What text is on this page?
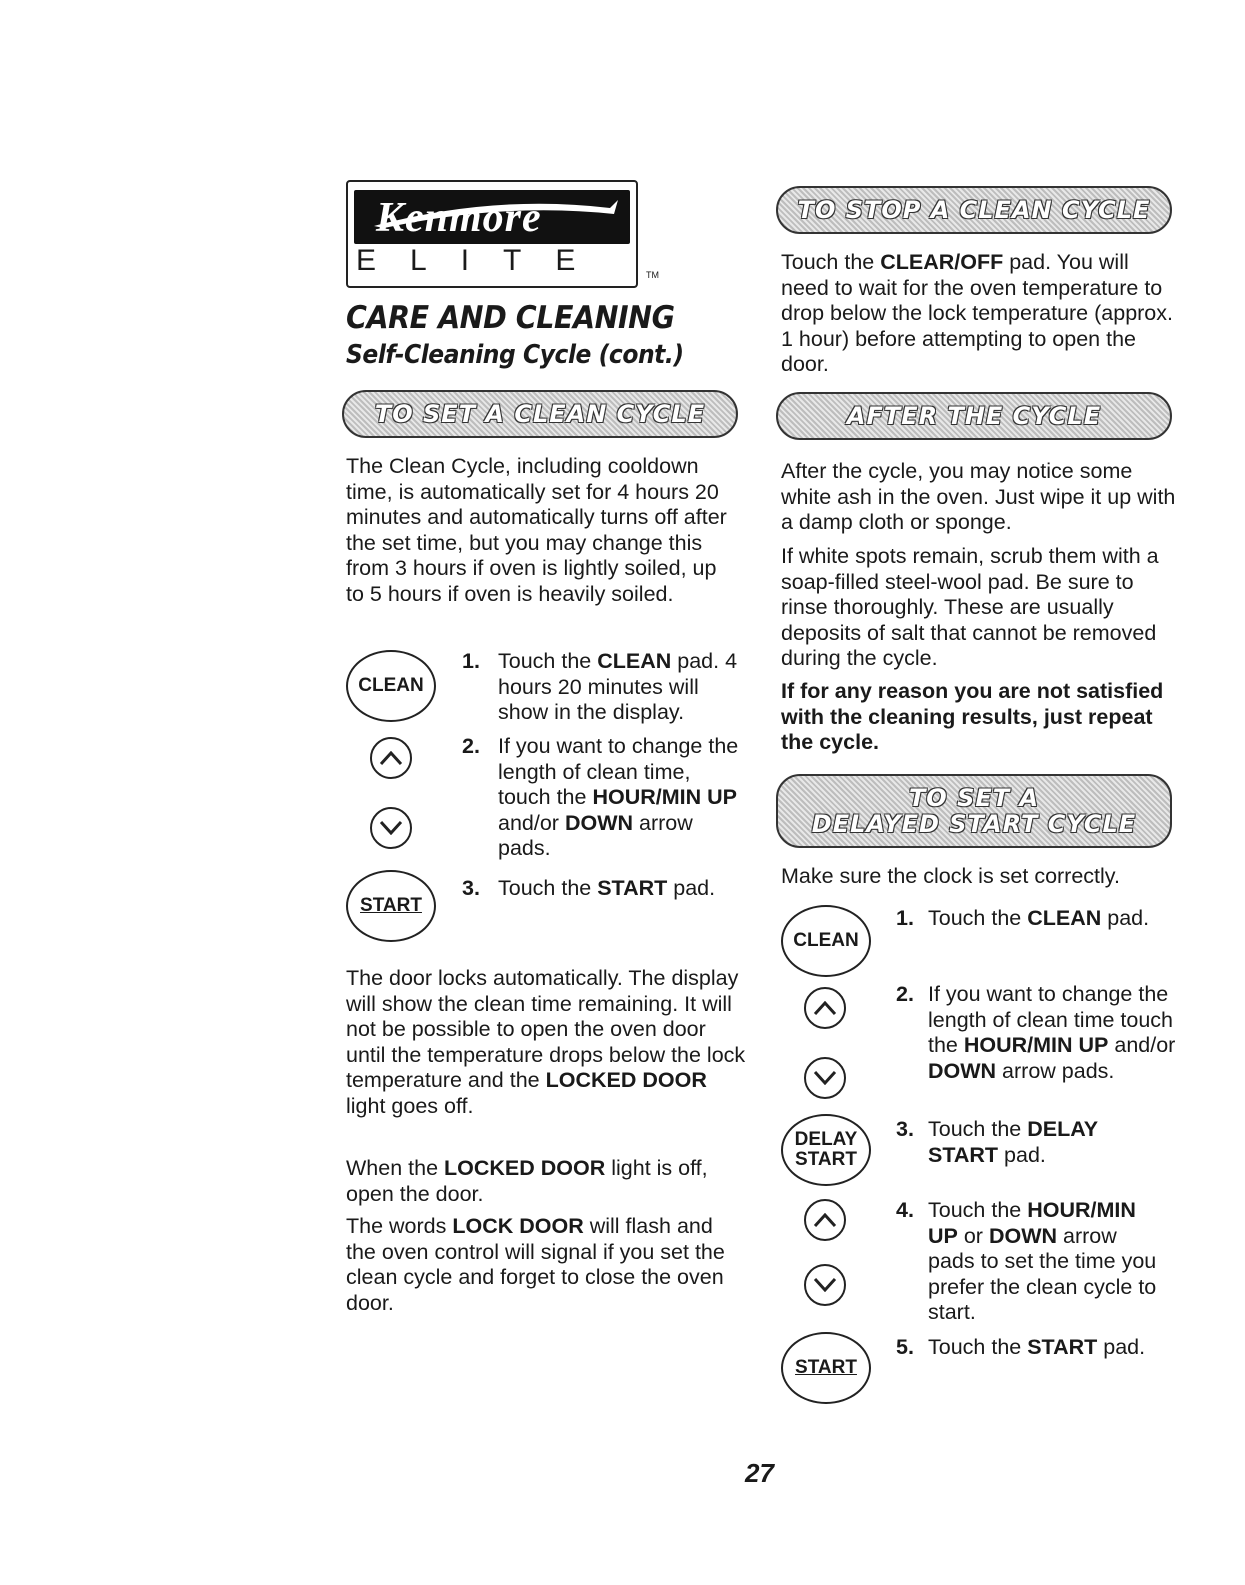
Kenmore
ELITE	TM
CARE AND CLEANING
Self-Cleaning Cycle (cont.)
TO SET A CLEAN CYCLE
The Clean Cycle, including cooldown time, is automatically set for 4 hours 20 minutes and automatically turns off after the set time, but you may change this from 3 hours if oven is lightly soiled, up to 5 hours if oven is heavily soiled.
CLEAN
START
1. Touch the CLEAN pad. 4 hours 20 minutes will show in the display.
2. If you want to change the length of clean time, touch the HOUR/MIN UP and/or DOWN arrow pads.
3. Touch the START pad.
The door locks automatically. The display will show the clean time remaining. It will not be possible to open the oven door until the temperature drops below the lock temperature and the LOCKED DOOR light goes off.
When the LOCKED DOOR light is off, open the door.
The words LOCK DOOR will flash and the oven control will signal if you set the clean cycle and forget to close the oven door.
TO STOP A CLEAN CYCLE
Touch the CLEAR/OFF pad. You will need to wait for the oven temperature to drop below the lock temperature (approx. 1 hour) before attempting to open the door.
AFTER THE CYCLE
After the cycle, you may notice some white ash in the oven. Just wipe it up with a damp cloth or sponge.
If white spots remain, scrub them with a soap-filled steel-wool pad. Be sure to rinse thoroughly. These are usually deposits of salt that cannot be removed during the cycle.
If for any reason you are not satisfied with the cleaning results, just repeat the cycle.
TO SET A
DELAYED START CYCLE
Make sure the clock is set correctly.
CLEAN
DELAY
START
START
1. Touch the CLEAN pad.
2. If you want to change the length of clean time touch the HOUR/MIN UP and/or DOWN arrow pads.
3. Touch the DELAY START pad.
4. Touch the HOUR/MIN UP or DOWN arrow pads to set the time you prefer the clean cycle to start.
5. Touch the START pad.
27
